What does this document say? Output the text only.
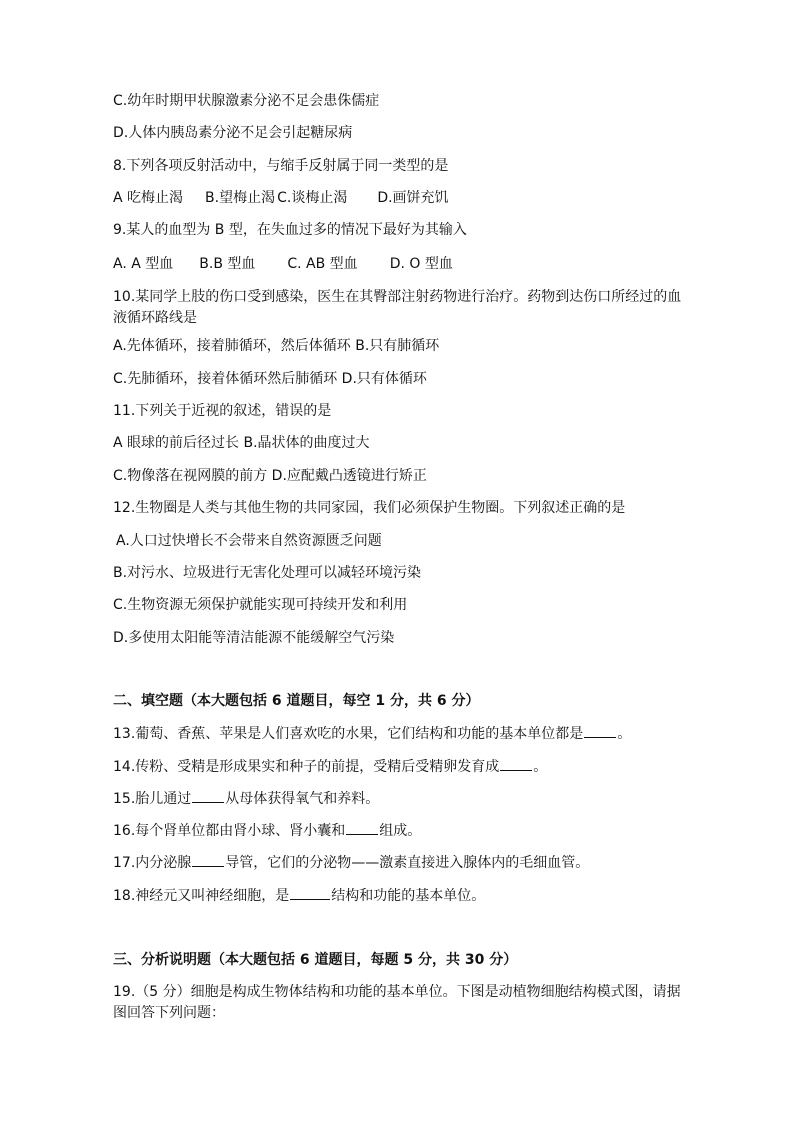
C.幼年时期甲状腺激素分泌不足会患侏儒症
D.人体内胰岛素分泌不足会引起糖尿病
8.下列各项反射活动中，与缩手反射属于同一类型的是
A 吃梅止渴 B.望梅止渴 C.谈梅止渴 D.画饼充饥
9.某人的血型为 B 型，在失血过多的情况下最好为其输入
A. A 型血 B.B 型血 C. AB 型血 D. O 型血
10.某同学上肢的伤口受到感染，医生在其臀部注射药物进行治疗。药物到达伤口所经过的血液循环路线是
A.先体循环，接着肺循环，然后体循环 B.只有肺循环
C.先肺循环，接着体循环然后肺循环 D.只有体循环
11.下列关于近视的叙述，错误的是
A 眼球的前后径过长 B.晶状体的曲度过大
C.物像落在视网膜的前方 D.应配戴凸透镜进行矫正
12.生物圈是人类与其他生物的共同家园，我们必须保护生物圈。下列叙述正确的是
A.人口过快增长不会带来自然资源匮乏问题
B.对污水、垃圾进行无害化处理可以减轻环境污染
C.生物资源无须保护就能实现可持续开发和利用
D.多使用太阳能等清洁能源不能缓解空气污染
二、填空题（本大题包括 6 道题目，每空 1 分，共 6 分）
13.葡萄、香蕉、苹果是人们喜欢吃的水果，它们结构和功能的基本单位都是 。
14.传粉、受精是形成果实和种子的前提，受精后受精卵发育成 。
15.胎儿通过 从母体获得氧气和养料。
16.每个肾单位都由肾小球、肾小囊和 组成。
17.内分泌腺 导管，它们的分泌物——激素直接进入腺体内的毛细血管。
18.神经元又叫神经细胞，是	结构和功能的基本单位。
三、分析说明题（本大题包括 6 道题目，每题 5 分，共 30 分）
19.（5 分）细胞是构成生物体结构和功能的基本单位。下图是动植物细胞结构模式图，请据图回答下列问题：
